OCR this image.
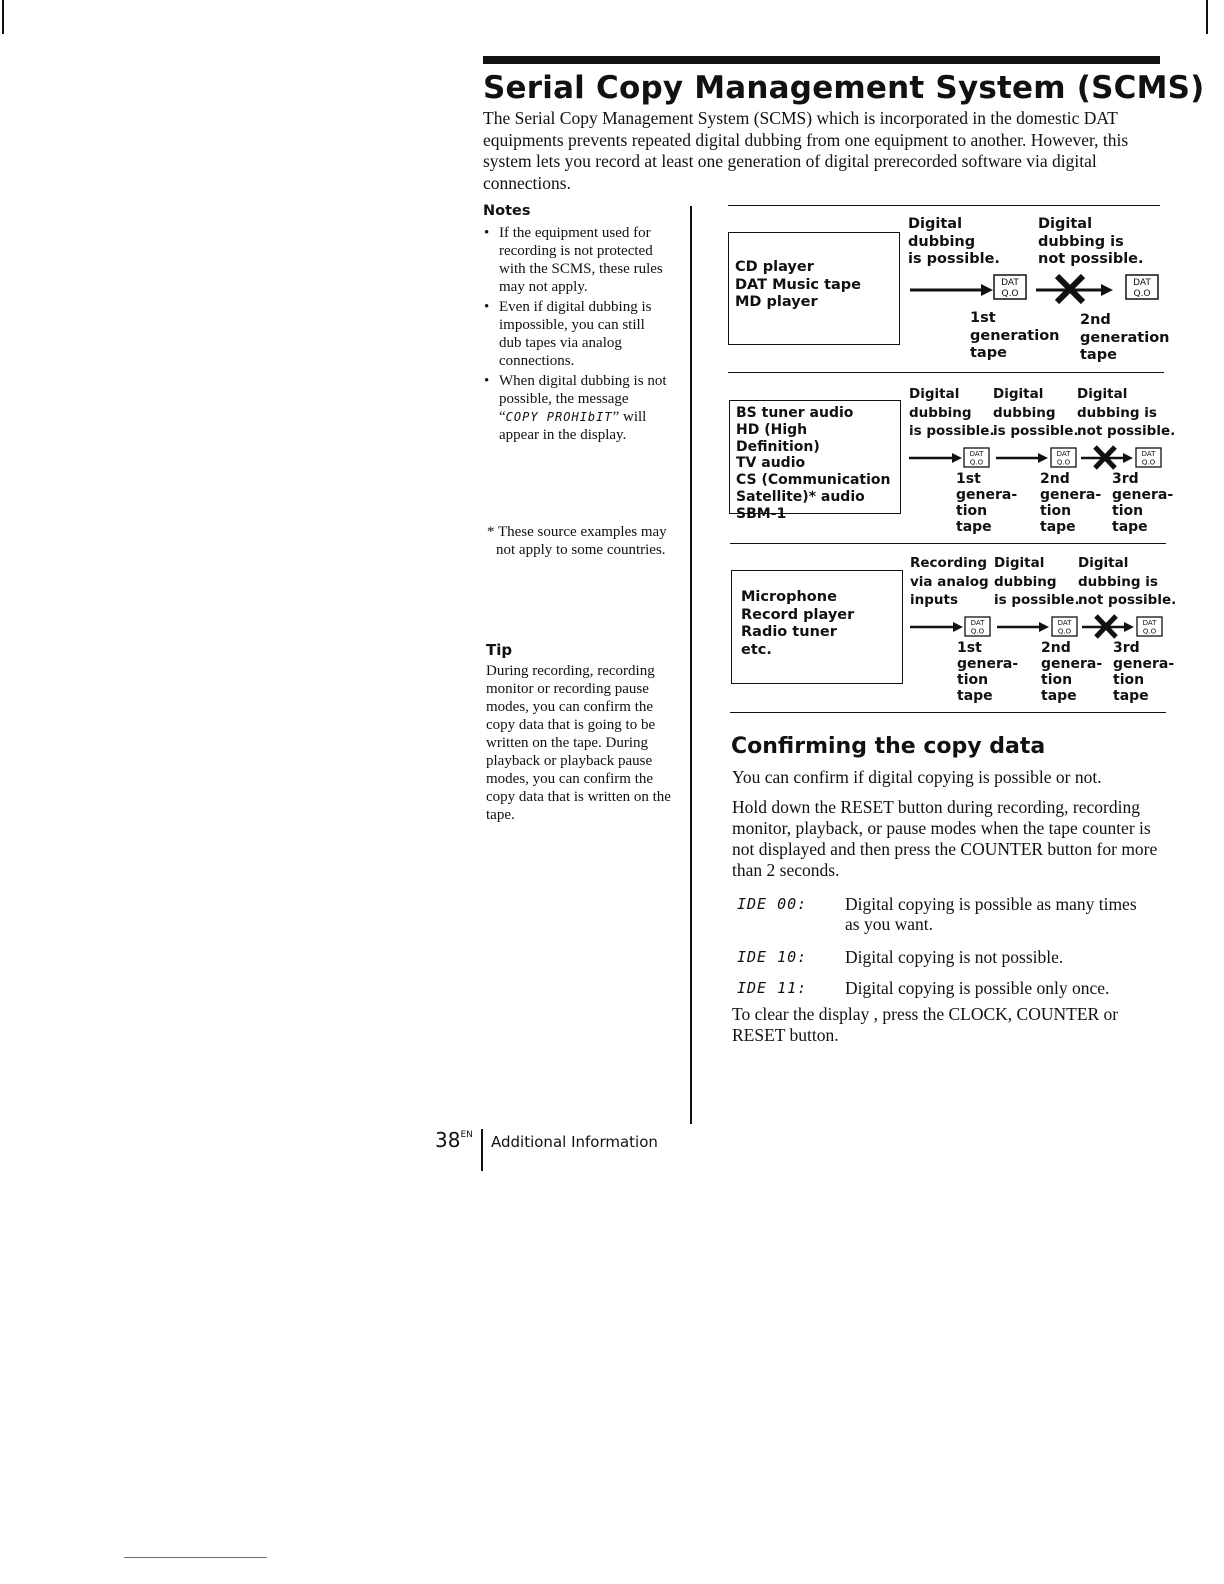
Serial Copy Management System (SCMS)

The Serial Copy Management System (SCMS) which is incorporated in the domestic DAT equipments prevents repeated digital dubbing from one equipment to another. However, this system lets you record at least one generation of digital prerecorded software via digital connections.

Notes
• If the equipment used for recording is not protected with the SCMS, these rules may not apply.
• Even if digital dubbing is impossible, you can still dub tapes via analog connections.
• When digital dubbing is not possible, the message “COPY PROHIbIT” will appear in the display.
* These source examples may not apply to some countries.
Tip
During recording, recording monitor or recording pause modes, you can confirm the copy data that is going to be written on the tape. During playback or playback pause modes, you can confirm the copy data that is written on the tape.
CD player
DAT Music tape
MD player
Digital
dubbing
is possible.
Digital
dubbing is
not possible.
DAT
Q.O
DAT
Q.O
1st
generation
tape
2nd
generation
tape
BS tuner audio
HD (High Definition)
TV audio
CS (Communication
Satellite)* audio
SBM-1
Digital
dubbing
is possible.
Digital
dubbing
is possible.
Digital
dubbing is
not possible.
DAT
Q.O
DAT
Q.O
DAT
Q.O
1st
genera-
tion
tape
2nd
genera-
tion
tape
3rd
genera-
tion
tape
Microphone
Record player
Radio tuner
etc.
Recording
via analog
inputs
Digital
dubbing
is possible.
Digital
dubbing is
not possible.
DAT
Q.O
DAT
Q.O
DAT
Q.O
1st
genera-
tion
tape
2nd
genera-
tion
tape
3rd
genera-
tion
tape
Confirming the copy data

You can confirm if digital copying is possible or not.

Hold down the RESET button during recording, recording monitor, playback, or pause modes when the tape counter is not displayed and then press the COUNTER button for more than 2 seconds.

IDE 00: Digital copying is possible as many times as you want.
IDE 10: Digital copying is not possible.
IDE 11: Digital copying is possible only once.

To clear the display , press the CLOCK, COUNTER or RESET button.

$38^{EN}$ Additional Information
